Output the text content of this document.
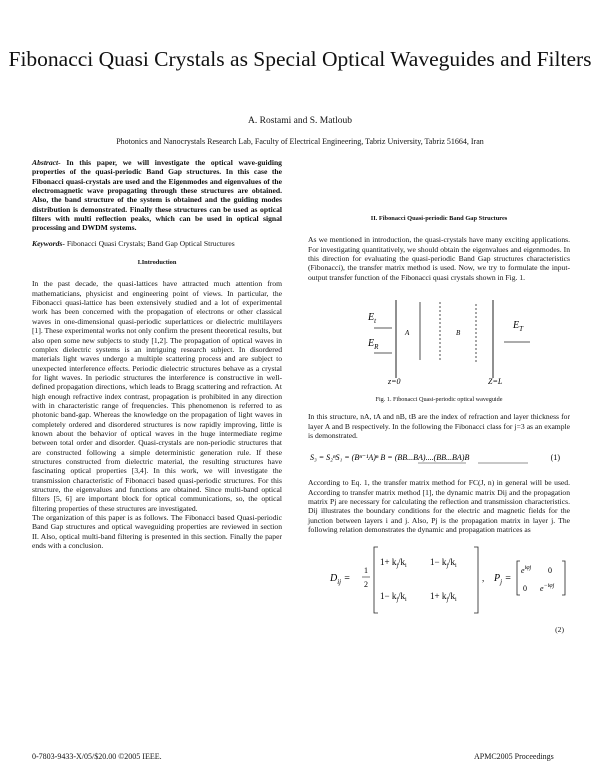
Fibonacci Quasi Crystals as Special Optical Waveguides and Filters
A. Rostami and S. Matloub
Photonics and Nanocrystals Research Lab, Faculty of Electrical Engineering, Tabriz University, Tabriz 51664, Iran

Abstract- In this paper, we will investigate the optical wave-guiding properties of the quasi-periodic Band Gap structures. In this case the Fibonacci quasi-crystals are used and the Eigenmodes and eigenvalues of the electromagnetic wave propagating through these structures are obtained. Also, the band structure of the system is obtained and the guiding modes distribution is demonstrated. Finally these structures can be used as optical filters with multi reflection peaks, which can be used in optical signal processing and DWDM systems.

Keywords- Fibonacci Quasi Crystals; Band Gap Optical Structures

I.Introduction

In the past decade, the quasi-lattices have attracted much attention from mathematicians, physicist and engineering point of views. In particular, the Fibonacci quasi-lattice has been extensively studied and a lot of experimental work has been concerned with the propagation of electrons or other classical waves in one-dimensional quasi-periodic superlattices or dielectric multilayers [1]. These experimental works not only confirm the present theoretical results, but also open some new subjects to study [1,2]. The propagation of optical waves in complex dielectric systems is an intriguing research subject. In disordered materials light waves undergo a multiple scattering process and are subject to unexpected interference effects. Periodic dielectric structures behave as a crystal for light waves. In periodic structures the interference is constructive in well-defined propagation directions, which leads to Bragg scattering and refraction. At high enough refractive index contrast, propagation is prohibited in any direction with in characteristic range of frequencies. This phenomenon is referred to as photonic band-gap. Whereas the knowledge on the propagation of light waves in completely ordered and disordered structures is now rapidly improving, little is known about the behavior of optical waves in the huge intermediate regime between total order and disorder. Quasi-crystals are non-periodic structures that are constructed following a simple deterministic generation rule. If these structures constructed from dielectric material, the resulting structures have fascinating optical properties [3,4]. In this work, we will investigate the transmission characteristic of Fibonacci based quasi-periodic structures. For this structure, the eigenvalues and functions are obtained. Since multi-band optical filters [5, 6] are important block for optical communications, so, the optical filtering properties of these structures are investigated.

The organization of this paper is as follows. The Fibonacci based Quasi-periodic Band Gap structures and optical waveguiding properties are reviewed in section II. Also, optical multi-band filtering is presented in this section. Finally the paper ends with a conclusion.

II. Fibonacci Quasi-periodic Band Gap Structures

As we mentioned in introduction, the quasi-crystals have many exciting applications. For investigating quantitatively, we should obtain the eigenvalues and eigenmodes. In this direction for evaluating the quasi-periodic Band Gap structures characteristics (Fibonacci), the transfer matrix method is used. Now, we try to formulate the input-output transfer function of the Fibonacci quasi crystals shown in Fig. 1.

$E_t$
$E_R$
A	B
$E_T$
z=0	Z=L
Fig. 1. Fibonacci Quasi-periodic optical waveguide

In this structure, nA, tA and nB, tB are the index of refraction and layer thickness for layer A and B respectively. In the following the Fibonacci class for j=3 as an example is demonstrated.

S₃ = S₂ⁿS₁ = (Bⁿ⁻¹A)ⁿ B = (BB...BA)....(BB...BA)B	(1)

According to Eq. 1, the transfer matrix method for FC(J, n) in general will be used. According to transfer matrix method [1], the dynamic matrix Dij and the propagation matrix Pj are necessary for calculating the reflection and transmission characteristics. Dij illustrates the boundary conditions for the electric and magnetic fields for the junction between layers i and j. Also, Pj is the propagation matrix in layer j. The following relation demonstrates the dynamic and propagation matrices as

$D_{ij}$ =
1
2
$1+ k_j/k_i$	$1- k_j/k_i$
$1- k_j/k_i$	$1+ k_j/k_i$
, $P_j$ =
$e^{i\varphi j}$ 0
0 $e^{-i\varphi j}$
(2)
0-7803-9433-X/05/$20.00 ©2005 IEEE.	APMC2005 Proceedings
